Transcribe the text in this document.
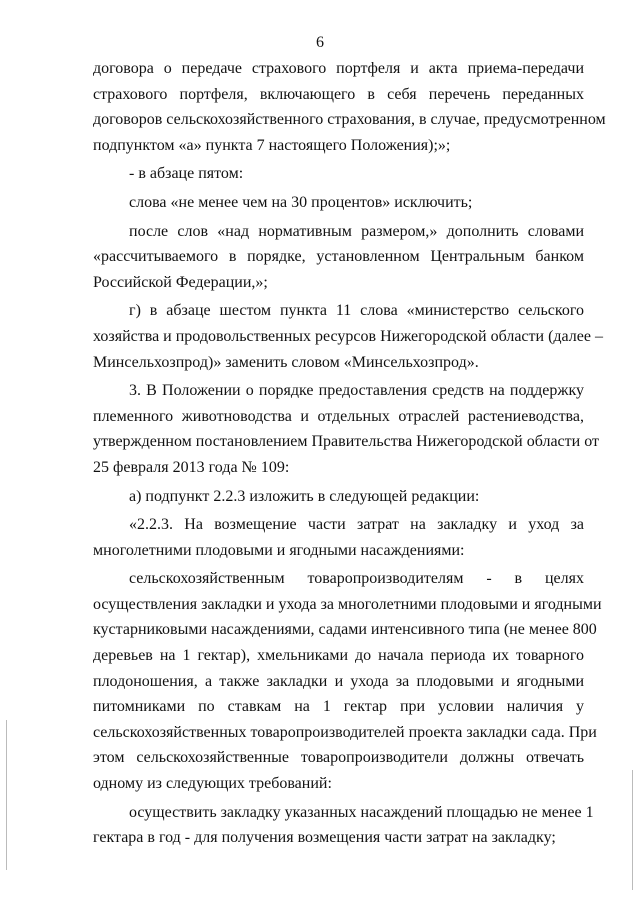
6
договора о передаче страхового портфеля и акта приема-передачи
страхового портфеля, включающего в себя перечень переданных
договоров сельскохозяйственного страхования, в случае, предусмотренном
подпунктом «а» пункта 7 настоящего Положения);»;
- в абзаце пятом:
слова «не менее чем на 30 процентов» исключить;
после слов «над нормативным размером,» дополнить словами
«рассчитываемого в порядке, установленном Центральным банком
Российской Федерации,»;
г) в абзаце шестом пункта 11 слова «министерство сельского
хозяйства и продовольственных ресурсов Нижегородской области (далее –
Минсельхозпрод)» заменить словом «Минсельхозпрод».
3. В Положении о порядке предоставления средств на поддержку
племенного животноводства и отдельных отраслей растениеводства,
утвержденном постановлением Правительства Нижегородской области от
25 февраля 2013 года № 109:
а) подпункт 2.2.3 изложить в следующей редакции:
«2.2.3. На возмещение части затрат на закладку и уход за
многолетними плодовыми и ягодными насаждениями:
сельскохозяйственным товаропроизводителям - в целях
осуществления закладки и ухода за многолетними плодовыми и ягодными
кустарниковыми насаждениями, садами интенсивного типа (не менее 800
деревьев на 1 гектар), хмельниками до начала периода их товарного
плодоношения, а также закладки и ухода за плодовыми и ягодными
питомниками по ставкам на 1 гектар при условии наличия у
сельскохозяйственных товаропроизводителей проекта закладки сада. При
этом сельскохозяйственные товаропроизводители должны отвечать
одному из следующих требований:
осуществить закладку указанных насаждений площадью не менее 1
гектара в год - для получения возмещения части затрат на закладку;
